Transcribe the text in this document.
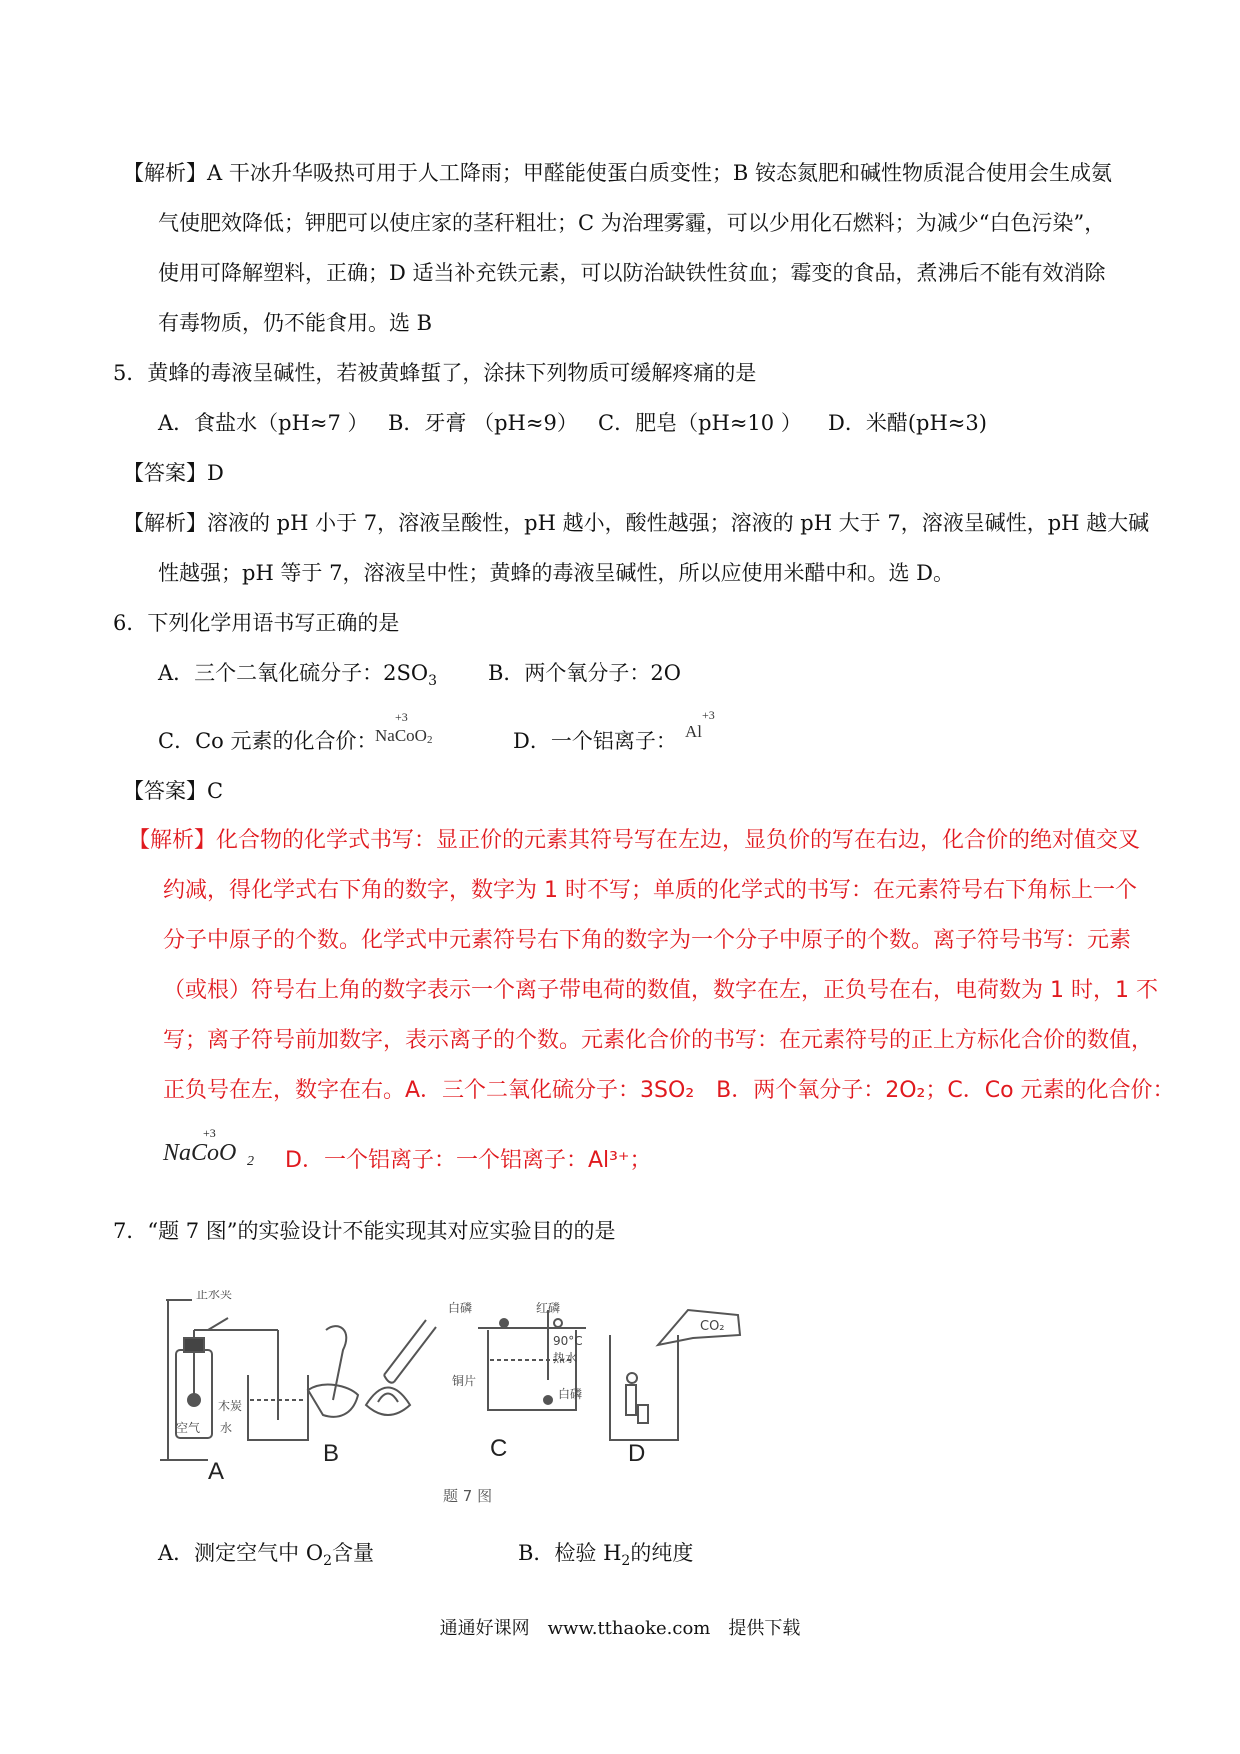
【解析】A 干冰升华吸热可用于人工降雨；甲醛能使蛋白质变性；B 铵态氮肥和碱性物质混合使用会生成氨
气使肥效降低；钾肥可以使庄家的茎秆粗壮；C 为治理雾霾，可以少用化石燃料；为减少“白色污染”，
使用可降解塑料，正确；D 适当补充铁元素，可以防治缺铁性贫血；霉变的食品，煮沸后不能有效消除
有毒物质，仍不能食用。选 B
5．黄蜂的毒液呈碱性，若被黄蜂蜇了，涂抹下列物质可缓解疼痛的是
A．食盐水（pH≈7 ） B．牙膏 （pH≈9） C．肥皂（pH≈10 ） D．米醋(pH≈3)
【答案】D
【解析】溶液的 pH 小于 7，溶液呈酸性，pH 越小，酸性越强；溶液的 pH 大于 7，溶液呈碱性，pH 越大碱
性越强；pH 等于 7，溶液呈中性；黄蜂的毒液呈碱性，所以应使用米醋中和。选 D。
6．下列化学用语书写正确的是
A．三个二氧化硫分子：$2SO_3$ B．两个氧分子：2O
C．Co 元素的化合价：
+3
NaCoO 2	D．一个铝离子： Al
+3
【答案】C
【解析】化合物的化学式书写：显正价的元素其符号写在左边，显负价的写在右边，化合价的绝对值交叉
约减，得化学式右下角的数字，数字为 1 时不写；单质的化学式的书写：在元素符号右下角标上一个
分子中原子的个数。化学式中元素符号右下角的数字为一个分子中原子的个数。离子符号书写：元素
（或根）符号右上角的数字表示一个离子带电荷的数值，数字在左，正负号在右，电荷数为 1 时，1 不
写；离子符号前加数字，表示离子的个数。元素化合价的书写：在元素符号的正上方标化合价的数值，
正负号在左，数字在右。A．三个二氧化硫分子：3SO₂　B．两个氧分子：2O₂；C．Co 元素的化合价：
+3
NaCoO 2 D．一个铝离子：一个铝离子：Al³⁺；
7．“题 7 图”的实验设计不能实现其对应实验目的的是
止水夹
木炭
空气 水
白磷	红磷
90°C
热水
铜片
白磷
CO₂
A
B	C	D
题 7 图
A．测定空气中 $O_2$含量	B．检验 $H_2$的纯度
通通好课网　www.tthaoke.com　提供下载
